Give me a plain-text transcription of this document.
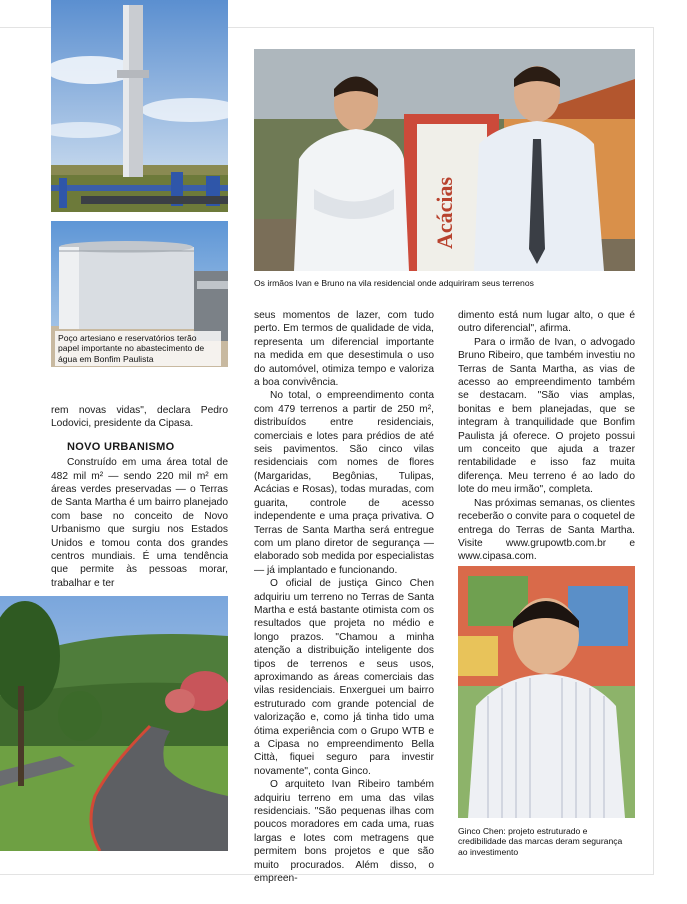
Poço artesiano e reservatórios terão papel importante no abastecimento de água em Bonfim Paulista
Acácias
Os irmãos Ivan e Bruno na vila residencial onde adquiriram seus terrenos

rem novas vidas", declara Pedro Lodovici, presidente da Cipasa.

NOVO URBANISMO

Construído em uma área total de 482 mil m² — sendo 220 mil m² em áreas verdes preservadas — o Terras de Santa Martha é um bairro planejado com base no conceito de Novo Urbanismo que surgiu nos Estados Unidos e tomou conta dos grandes centros mundiais. É uma tendência que permite às pessoas morar, trabalhar e ter

seus momentos de lazer, com tudo perto. Em termos de qualidade de vida, representa um diferencial importante na medida em que desestimula o uso do automóvel, otimiza tempo e valoriza a boa convivência.

No total, o empreendimento conta com 479 terrenos a partir de 250 m², distribuídos entre residenciais, comerciais e lotes para prédios de até seis pavimentos. São cinco vilas residenciais com nomes de flores (Margaridas, Begônias, Tulipas, Acácias e Rosas), todas muradas, com guarita, controle de acesso independente e uma praça privativa. O Terras de Santa Martha será entregue com um plano diretor de segurança — elaborado sob medida por especialistas — já implantado e funcionando.

O oficial de justiça Ginco Chen adquiriu um terreno no Terras de Santa Martha e está bastante otimista com os resultados que projeta no médio e longo prazos. "Chamou a minha atenção a distribuição inteligente dos tipos de terrenos e seus usos, aproximando as áreas comerciais das vilas residenciais. Enxerguei um bairro estruturado com grande potencial de valorização e, como já tinha tido uma ótima experiência com o Grupo WTB e a Cipasa no empreendimento Bella Città, fiquei seguro para investir novamente", conta Ginco.

O arquiteto Ivan Ribeiro também adquiriu terreno em uma das vilas residenciais. "São pequenas ilhas com poucos moradores em cada uma, ruas largas e lotes com metragens que permitem bons projetos e que são muito procurados. Além disso, o empreen-

dimento está num lugar alto, o que é outro diferencial", afirma.

Para o irmão de Ivan, o advogado Bruno Ribeiro, que também investiu no Terras de Santa Martha, as vias de acesso ao empreendimento também se destacam. "São vias amplas, bonitas e bem planejadas, que se integram à tranquilidade que Bonfim Paulista já oferece. O projeto possui um conceito que ajuda a trazer rentabilidade e isso faz muita diferença. Meu terreno é ao lado do lote do meu irmão", completa.

Nas próximas semanas, os clientes receberão o convite para o coquetel de entrega do Terras de Santa Martha. Visite www.grupowtb.com.br e www.cipasa.com.

Ginco Chen: projeto estruturado e credibilidade das marcas deram segurança ao investimento
